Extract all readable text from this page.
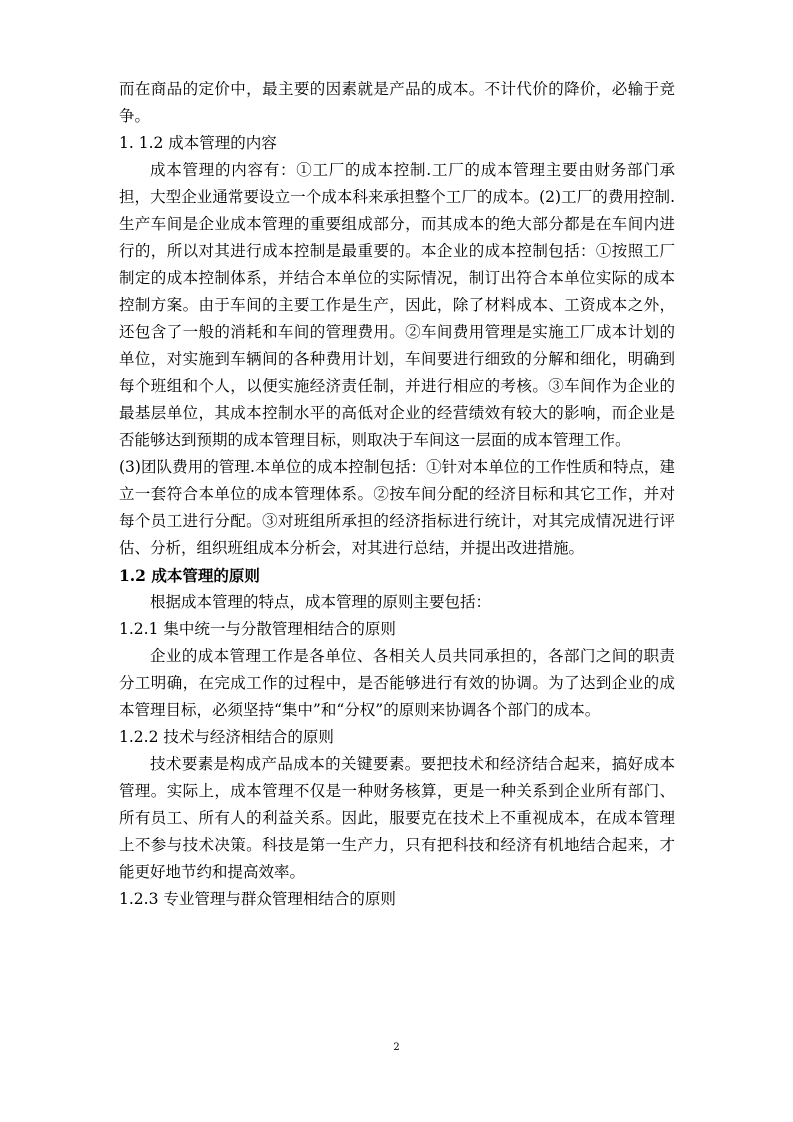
而在商品的定价中，最主要的因素就是产品的成本。不计代价的降价，必输于竞争。

1. 1.2 成本管理的内容

成本管理的内容有：①工厂的成本控制.工厂的成本管理主要由财务部门承担，大型企业通常要设立一个成本科来承担整个工厂的成本。(2)工厂的费用控制.生产车间是企业成本管理的重要组成部分，而其成本的绝大部分都是在车间内进行的，所以对其进行成本控制是最重要的。本企业的成本控制包括：①按照工厂制定的成本控制体系，并结合本单位的实际情况，制订出符合本单位实际的成本控制方案。由于车间的主要工作是生产，因此，除了材料成本、工资成本之外，还包含了一般的消耗和车间的管理费用。②车间费用管理是实施工厂成本计划的单位，对实施到车辆间的各种费用计划，车间要进行细致的分解和细化，明确到每个班组和个人，以便实施经济责任制，并进行相应的考核。③车间作为企业的最基层单位，其成本控制水平的高低对企业的经营绩效有较大的影响，而企业是否能够达到预期的成本管理目标，则取决于车间这一层面的成本管理工作。

(3)团队费用的管理.本单位的成本控制包括：①针对本单位的工作性质和特点，建立一套符合本单位的成本管理体系。②按车间分配的经济目标和其它工作，并对每个员工进行分配。③对班组所承担的经济指标进行统计，对其完成情况进行评估、分析，组织班组成本分析会，对其进行总结，并提出改进措施。

1.2 成本管理的原则

根据成本管理的特点，成本管理的原则主要包括：

1.2.1 集中统一与分散管理相结合的原则

企业的成本管理工作是各单位、各相关人员共同承担的，各部门之间的职责分工明确，在完成工作的过程中，是否能够进行有效的协调。为了达到企业的成本管理目标，必须坚持“集中”和“分权”的原则来协调各个部门的成本。

1.2.2 技术与经济相结合的原则

技术要素是构成产品成本的关键要素。要把技术和经济结合起来，搞好成本管理。实际上，成本管理不仅是一种财务核算，更是一种关系到企业所有部门、所有员工、所有人的利益关系。因此，服要克在技术上不重视成本，在成本管理上不参与技术决策。科技是第一生产力，只有把科技和经济有机地结合起来，才能更好地节约和提高效率。

1.2.3 专业管理与群众管理相结合的原则

2
